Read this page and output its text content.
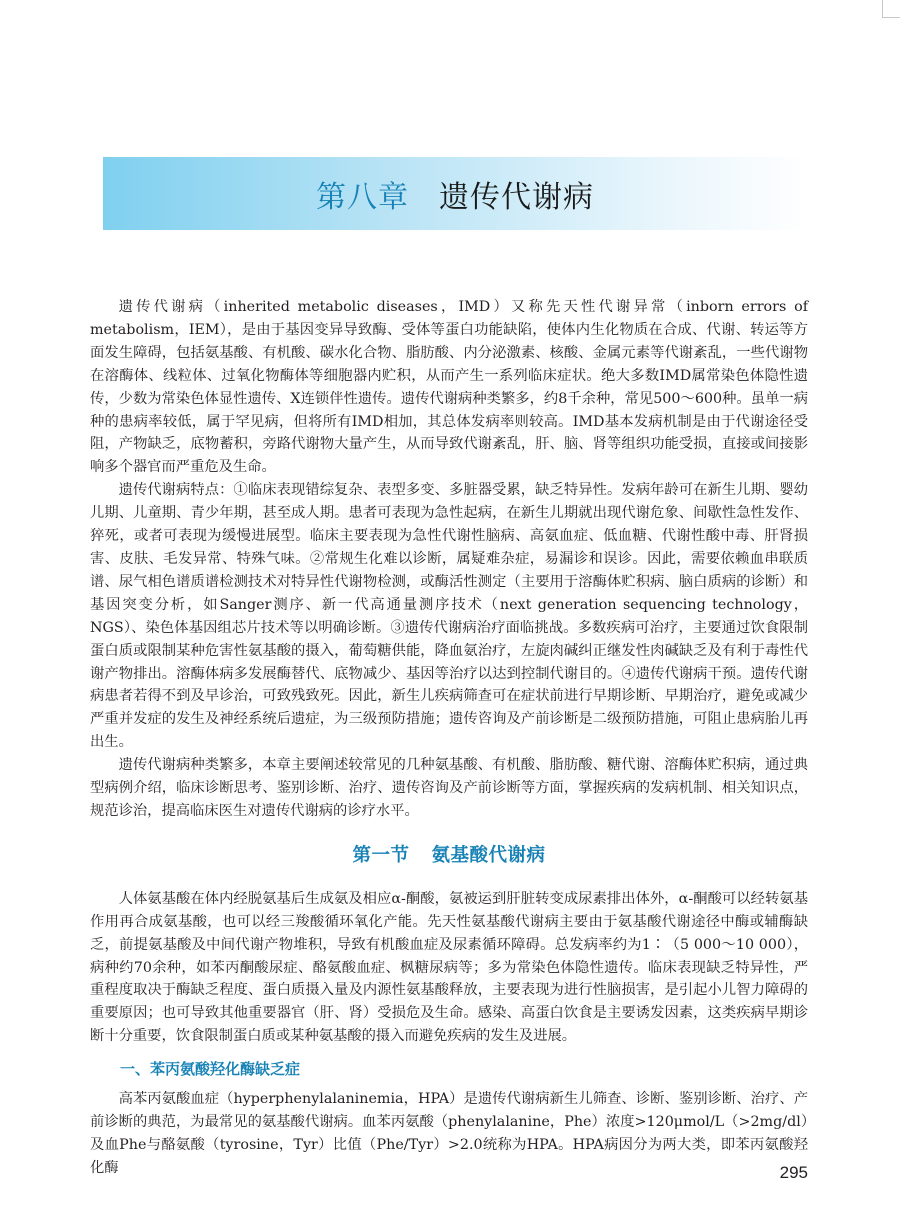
第八章 遗传代谢病

遗传代谢病（inherited metabolic diseases，IMD）又称先天性代谢异常（inborn errors of metabolism，IEM），是由于基因变异导致酶、受体等蛋白功能缺陷，使体内生化物质在合成、代谢、转运等方面发生障碍，包括氨基酸、有机酸、碳水化合物、脂肪酸、内分泌激素、核酸、金属元素等代谢紊乱，一些代谢物在溶酶体、线粒体、过氧化物酶体等细胞器内贮积，从而产生一系列临床症状。绝大多数IMD属常染色体隐性遗传，少数为常染色体显性遗传、X连锁伴性遗传。遗传代谢病种类繁多，约8千余种，常见500～600种。虽单一病种的患病率较低，属于罕见病，但将所有IMD相加，其总体发病率则较高。IMD基本发病机制是由于代谢途径受阻，产物缺乏，底物蓄积，旁路代谢物大量产生，从而导致代谢紊乱，肝、脑、肾等组织功能受损，直接或间接影响多个器官而严重危及生命。

遗传代谢病特点：①临床表现错综复杂、表型多变、多脏器受累，缺乏特异性。发病年龄可在新生儿期、婴幼儿期、儿童期、青少年期，甚至成人期。患者可表现为急性起病，在新生儿期就出现代谢危象、间歇性急性发作、猝死，或者可表现为缓慢进展型。临床主要表现为急性代谢性脑病、高氨血症、低血糖、代谢性酸中毒、肝肾损害、皮肤、毛发异常、特殊气味。②常规生化难以诊断，属疑难杂症，易漏诊和误诊。因此，需要依赖血串联质谱、尿气相色谱质谱检测技术对特异性代谢物检测，或酶活性测定（主要用于溶酶体贮积病、脑白质病的诊断）和基因突变分析，如Sanger测序、新一代高通量测序技术（next generation sequencing technology，NGS）、染色体基因组芯片技术等以明确诊断。③遗传代谢病治疗面临挑战。多数疾病可治疗，主要通过饮食限制蛋白质或限制某种危害性氨基酸的摄入，葡萄糖供能，降血氨治疗，左旋肉碱纠正继发性肉碱缺乏及有利于毒性代谢产物排出。溶酶体病多发展酶替代、底物减少、基因等治疗以达到控制代谢目的。④遗传代谢病干预。遗传代谢病患者若得不到及早诊治，可致残致死。因此，新生儿疾病筛查可在症状前进行早期诊断、早期治疗，避免或减少严重并发症的发生及神经系统后遗症，为三级预防措施；遗传咨询及产前诊断是二级预防措施，可阻止患病胎儿再出生。

遗传代谢病种类繁多，本章主要阐述较常见的几种氨基酸、有机酸、脂肪酸、糖代谢、溶酶体贮积病，通过典型病例介绍，临床诊断思考、鉴别诊断、治疗、遗传咨询及产前诊断等方面，掌握疾病的发病机制、相关知识点，规范诊治，提高临床医生对遗传代谢病的诊疗水平。

第一节 氨基酸代谢病

人体氨基酸在体内经脱氨基后生成氨及相应α-酮酸，氨被运到肝脏转变成尿素排出体外，α-酮酸可以经转氨基作用再合成氨基酸，也可以经三羧酸循环氧化产能。先天性氨基酸代谢病主要由于氨基酸代谢途径中酶或辅酶缺乏，前提氨基酸及中间代谢产物堆积，导致有机酸血症及尿素循环障碍。总发病率约为1∶（5 000～10 000），病种约70余种，如苯丙酮酸尿症、酪氨酸血症、枫糖尿病等；多为常染色体隐性遗传。临床表现缺乏特异性，严重程度取决于酶缺乏程度、蛋白质摄入量及内源性氨基酸释放，主要表现为进行性脑损害，是引起小儿智力障碍的重要原因；也可导致其他重要器官（肝、肾）受损危及生命。感染、高蛋白饮食是主要诱发因素，这类疾病早期诊断十分重要，饮食限制蛋白质或某种氨基酸的摄入而避免疾病的发生及进展。

一、苯丙氨酸羟化酶缺乏症

高苯丙氨酸血症（hyperphenylalaninemia，HPA）是遗传代谢病新生儿筛查、诊断、鉴别诊断、治疗、产前诊断的典范，为最常见的氨基酸代谢病。血苯丙氨酸（phenylalanine，Phe）浓度>120μmol/L（>2mg/dl）及血Phe与酪氨酸（tyrosine，Tyr）比值（Phe/Tyr）>2.0统称为HPA。HPA病因分为两大类，即苯丙氨酸羟化酶	295
